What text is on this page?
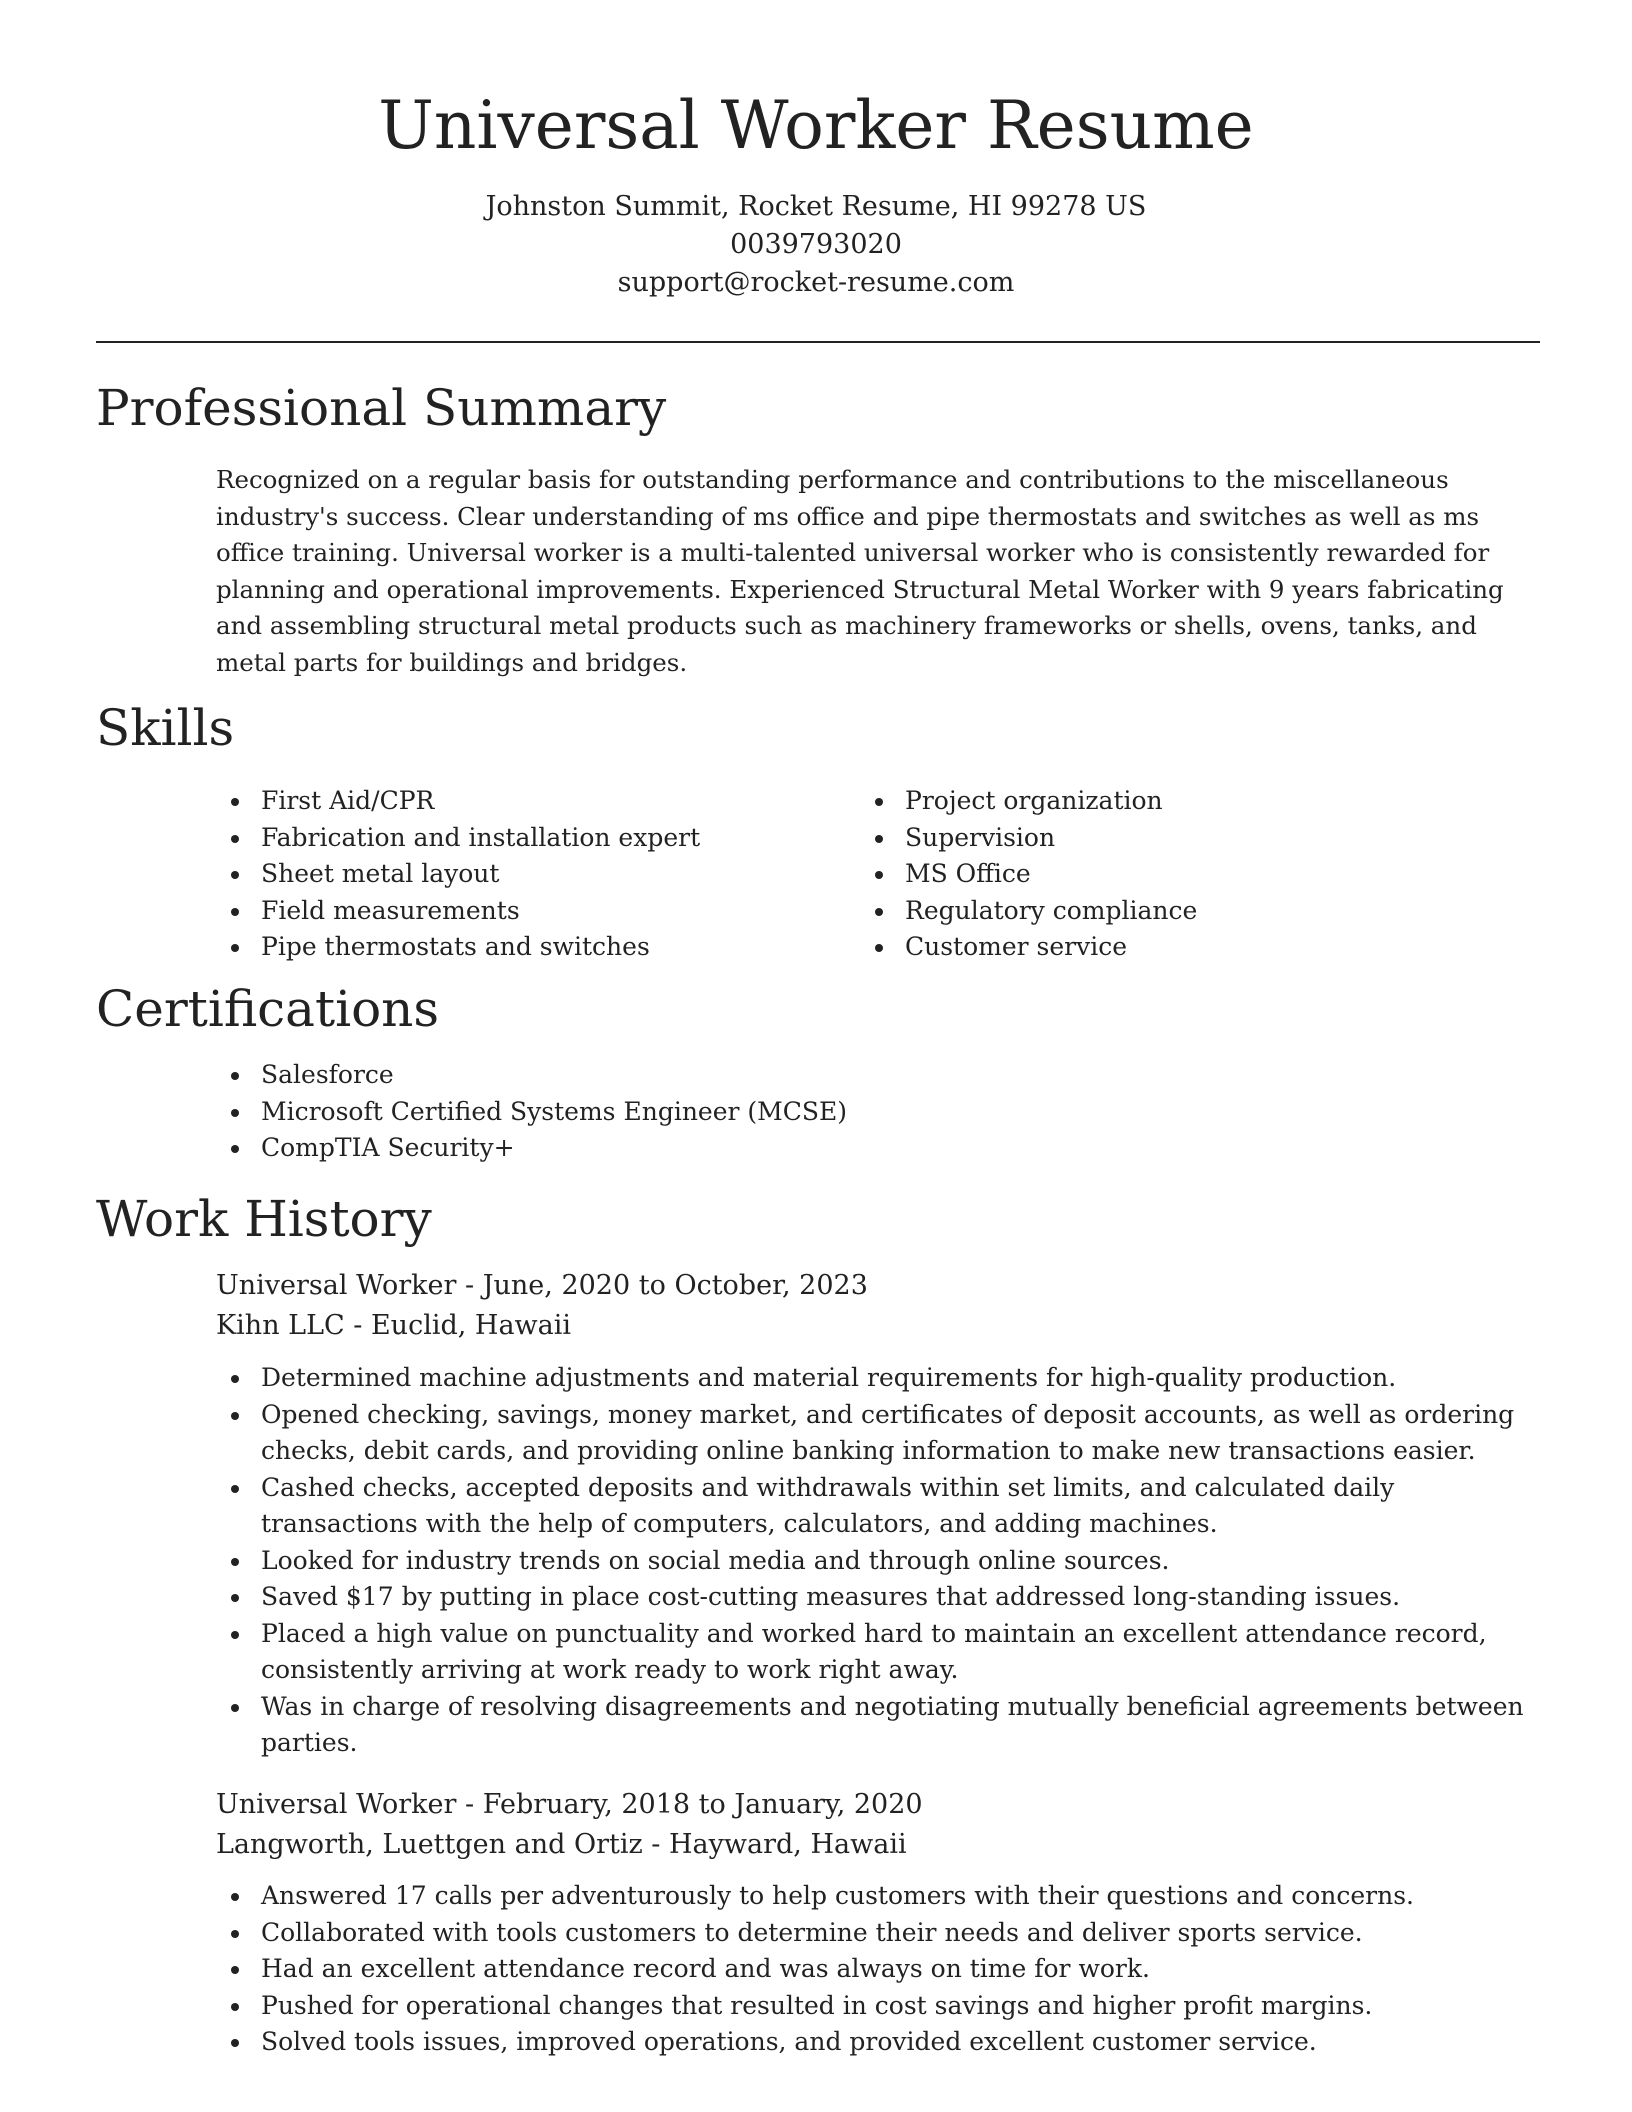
Universal Worker Resume
Johnston Summit, Rocket Resume, HI 99278 US
0039793020
support@rocket-resume.com
Professional Summary

Recognized on a regular basis for outstanding performance and contributions to the miscellaneous industry's success. Clear understanding of ms office and pipe thermostats and switches as well as ms office training. Universal worker is a multi-talented universal worker who is consistently rewarded for planning and operational improvements. Experienced Structural Metal Worker with 9 years fabricating and assembling structural metal products such as machinery frameworks or shells, ovens, tanks, and metal parts for buildings and bridges.

Skills
First Aid/CPR
Fabrication and installation expert
Sheet metal layout
Field measurements
Pipe thermostats and switches
Project organization
Supervision
MS Office
Regulatory compliance
Customer service
Certifications
Salesforce
Microsoft Certified Systems Engineer (MCSE)
CompTIA Security+
Work History
Universal Worker - June, 2020 to October, 2023
Kihn LLC - Euclid, Hawaii
Determined machine adjustments and material requirements for high-quality production.
Opened checking, savings, money market, and certificates of deposit accounts, as well as ordering checks, debit cards, and providing online banking information to make new transactions easier.
Cashed checks, accepted deposits and withdrawals within set limits, and calculated daily transactions with the help of computers, calculators, and adding machines.
Looked for industry trends on social media and through online sources.
Saved $17 by putting in place cost-cutting measures that addressed long-standing issues.
Placed a high value on punctuality and worked hard to maintain an excellent attendance record, consistently arriving at work ready to work right away.
Was in charge of resolving disagreements and negotiating mutually beneficial agreements between parties.
Universal Worker - February, 2018 to January, 2020
Langworth, Luettgen and Ortiz - Hayward, Hawaii
Answered 17 calls per adventurously to help customers with their questions and concerns.
Collaborated with tools customers to determine their needs and deliver sports service.
Had an excellent attendance record and was always on time for work.
Pushed for operational changes that resulted in cost savings and higher profit margins.
Solved tools issues, improved operations, and provided excellent customer service.
